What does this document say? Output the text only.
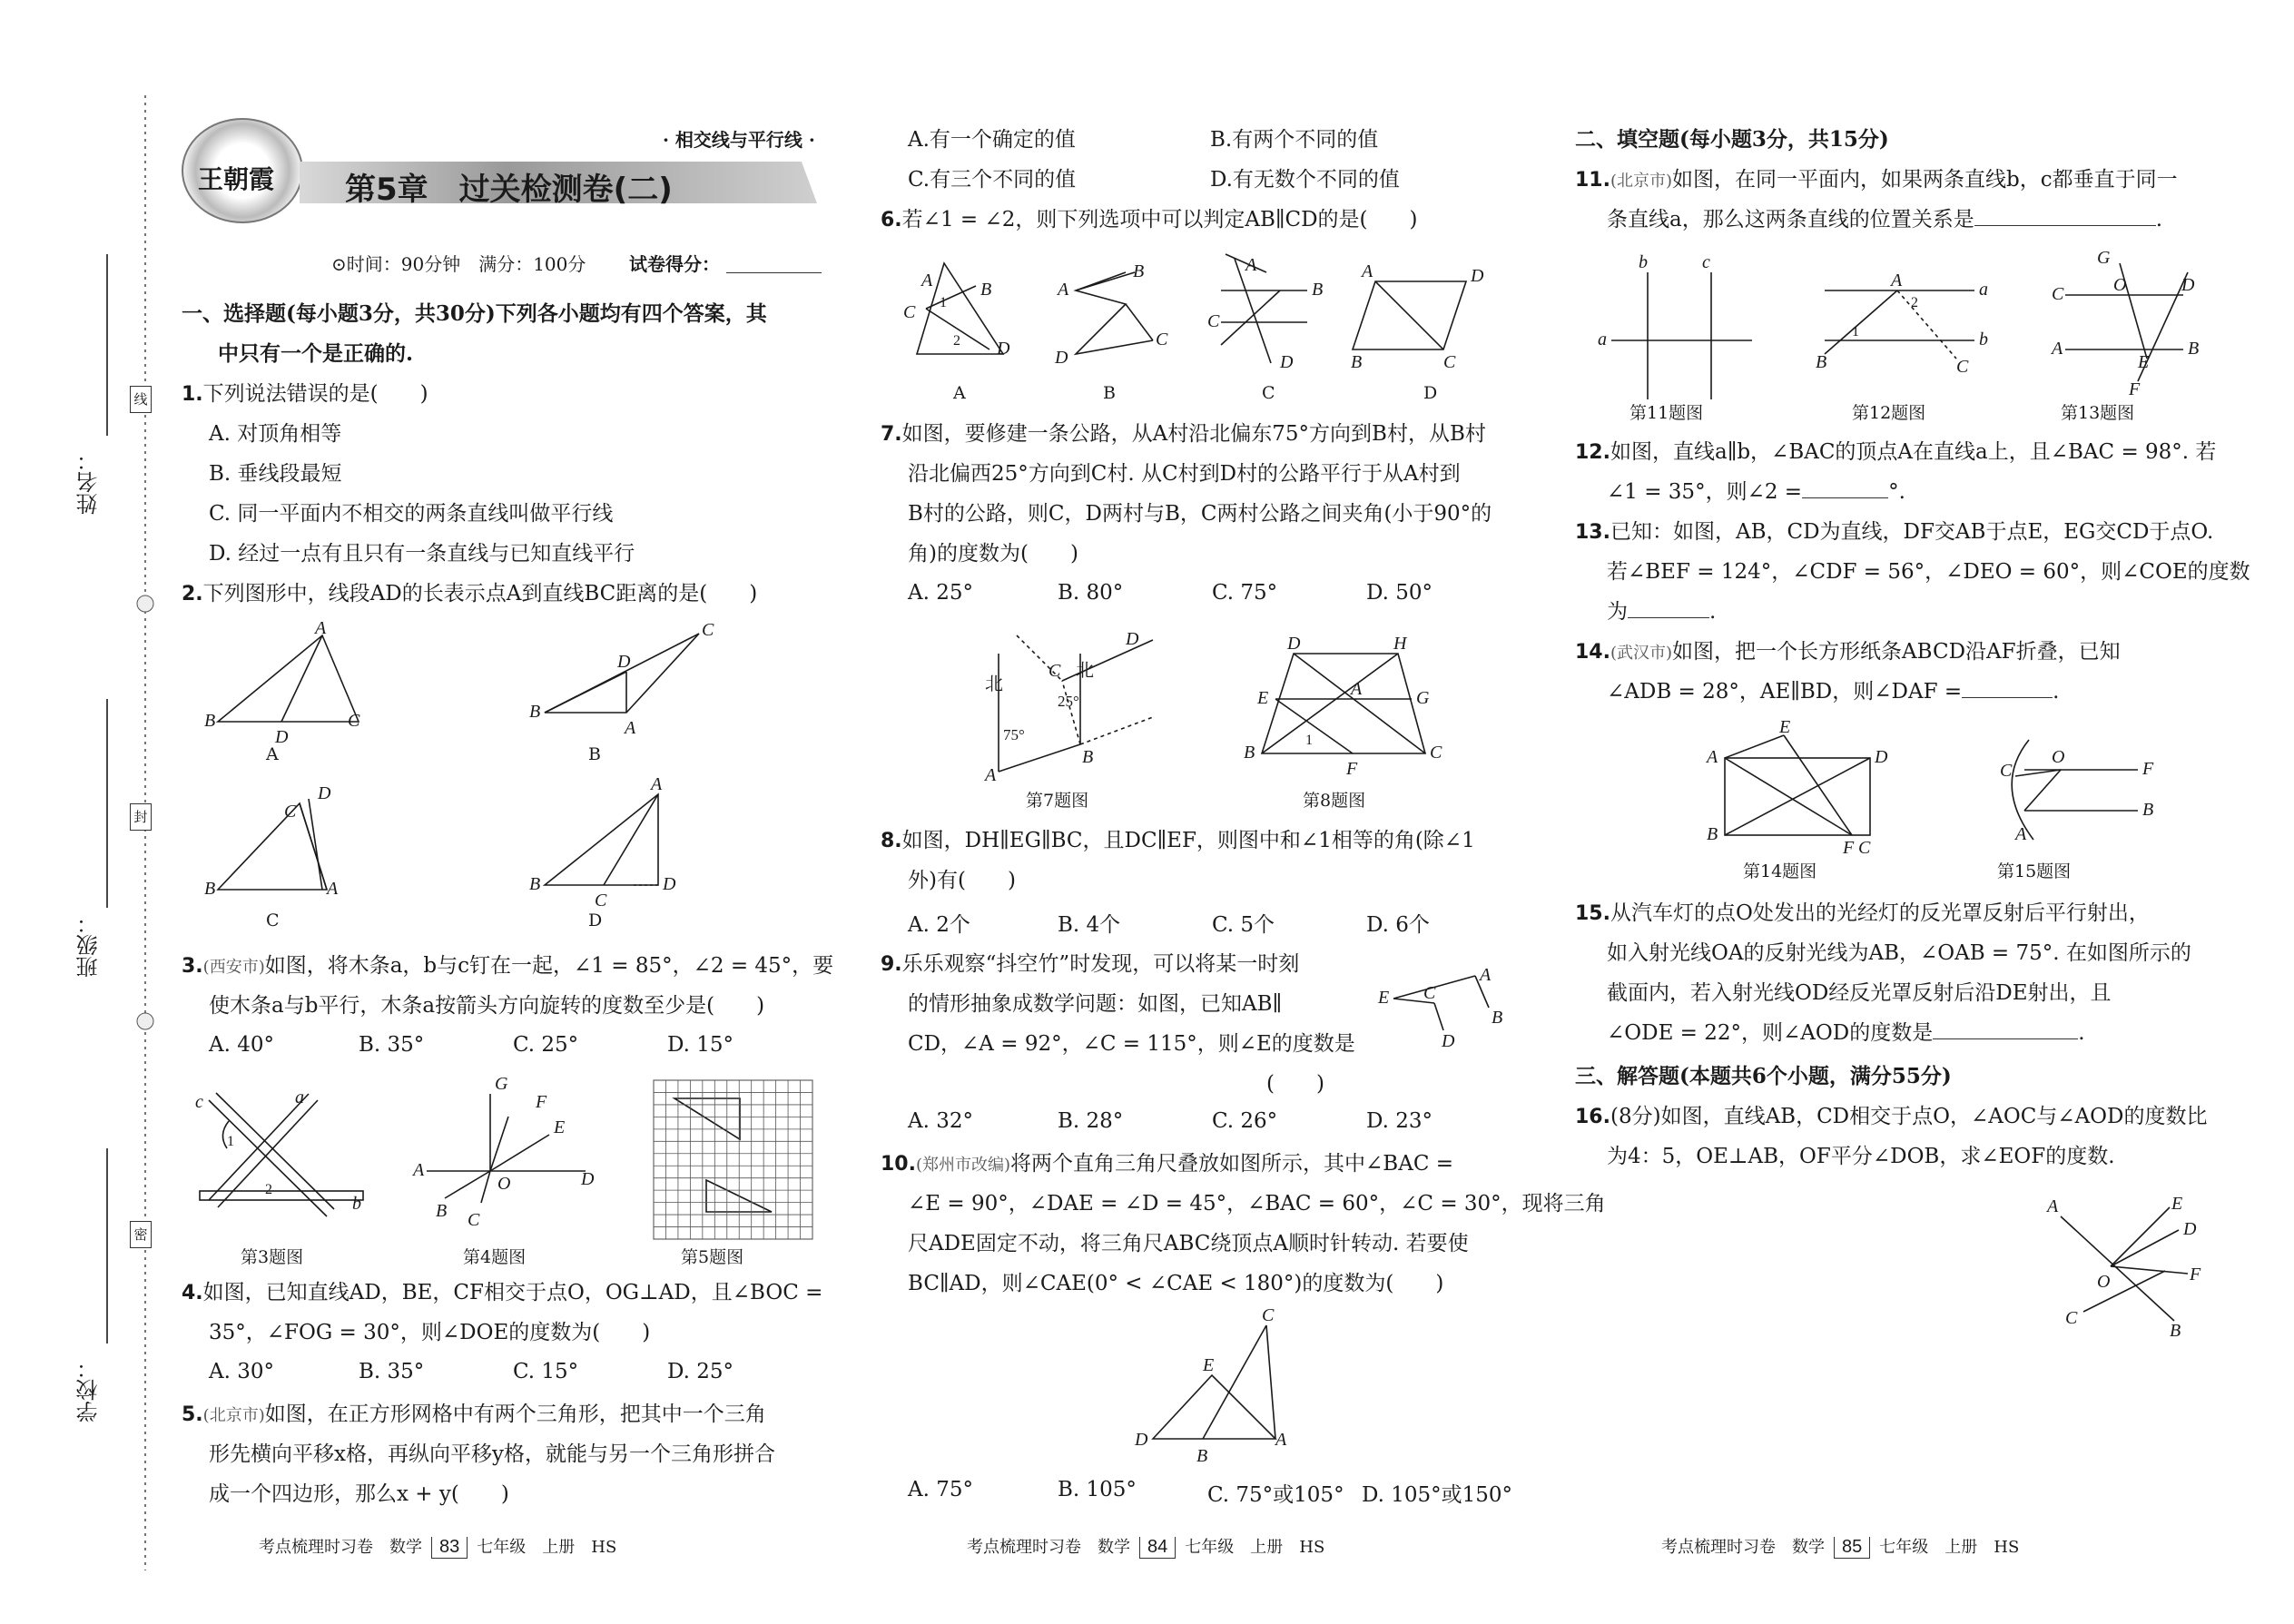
姓名：
班级：
学校：
线
封
密
王朝霞 第5章　过关检测卷(二)
· 相交线与平行线 ·
⊙时间：90分钟　满分：100分 试卷得分：
一、选择题(每小题3分，共30分)下列各小题均有四个答案，其
中只有一个是正确的.
1.下列说法错误的是(　　)
A. 对顶角相等
B. 垂线段最短
C. 同一平面内不相交的两条直线叫做平行线
D. 经过一点有且只有一条直线与已知直线平行
2.下列图形中，线段AD的长表示点A到直线BC距离的是(　　)
B
A
D
C	B
C
D
A
B
C
D
A	B
A
C
D
A	B
C	D
3.(西安市)如图，将木条a，b与c钉在一起，∠1 = 85°，∠2 = 45°，要
使木条a与b平行，木条a按箭头方向旋转的度数至少是(　　)
A. 40°	B. 35°	C. 25°	D. 15°
c	a
b
1
2
A
G
F
E
O	D
B C
第3题图	第4题图	第5题图
4.如图，已知直线AD，BE，CF相交于点O，OG⊥AD，且∠BOC =
35°，∠FOG = 30°，则∠DOE的度数为(　　)
A. 30°	B. 35°	C. 15°	D. 25°
5.(北京市)如图，在正方形网格中有两个三角形，把其中一个三角
形先横向平移x格，再纵向平移y格，就能与另一个三角形拼合
成一个四边形，那么x + y(　　)
考点梳理时习卷　数学 83 七年级　上册　HS
A.有一个确定的值	B.有两个不同的值
C.有三个不同的值	D.有无数个不同的值
6.若∠1 = ∠2，则下列选项中可以判定AB∥CD的是(　　)
A	B
C
D
1
2
A
B
C
D
A
B
C
D
A	D
B	C
A	B	C	D
7.如图，要修建一条公路，从A村沿北偏东75°方向到B村，从B村
沿北偏西25°方向到C村. 从C村到D村的公路平行于从A村到
B村的公路，则C，D两村与B，C两村公路之间夹角(小于90°的
角)的度数为(　　)
A. 25°	B. 80°	C. 75°	D. 50°
北
北
75°
25°
A
B
C
D	D	H
E	G
B	C
F
A
1
第7题图	第8题图
8.如图，DH∥EG∥BC，且DC∥EF，则图中和∠1相等的角(除∠1
外)有(　　)
A. 2个	B. 4个	C. 5个	D. 6个
9.乐乐观察“抖空竹”时发现，可以将某一时刻
的情形抽象成数学问题：如图，已知AB∥
CD，∠A = 92°，∠C = 115°，则∠E的度数是
(　　)
E
A
B
C
D
A. 32°	B. 28°	C. 26°	D. 23°
10.(郑州市改编)将两个直角三角尺叠放如图所示，其中∠BAC =
∠E = 90°，∠DAE = ∠D = 45°，∠BAC = 60°，∠C = 30°，现将三角
尺ADE固定不动，将三角尺ABC绕顶点A顺时针转动. 若要使
BC∥AD，则∠CAE(0° < ∠CAE < 180°)的度数为(　　)
D	A
E
C
B
A. 75°	B. 105°	C. 75°或105° D. 105°或150°
考点梳理时习卷　数学 84 七年级　上册　HS
二、填空题(每小题3分，共15分)
11.(北京市)如图，在同一平面内，如果两条直线b，c都垂直于同一
条直线a，那么这两条直线的位置关系是	.
a
b	c
A	a
b
B	C
1
2	C
G
O	D
A
E
B
F
第11题图	第12题图	第13题图
12.如图，直线a∥b，∠BAC的顶点A在直线a上，且∠BAC = 98°. 若
∠1 = 35°，则∠2 =	°.
13.已知：如图，AB，CD为直线，DF交AB于点E，EG交CD于点O.
若∠BEF = 124°，∠CDF = 56°，∠DEO = 60°，则∠COE的度数
为	.
14.(武汉市)如图，把一个长方形纸条ABCD沿AF折叠，已知
∠ADB = 28°，AE∥BD，则∠DAF =	.
A	D
B
E
F C
C
O
F
B
A
第14题图	第15题图
15.从汽车灯的点O处发出的光经灯的反光罩反射后平行射出，
如入射光线OA的反射光线为AB，∠OAB = 75°. 在如图所示的
截面内，若入射光线OD经反光罩反射后沿DE射出，且
∠ODE = 22°，则∠AOD的度数是	.
三、解答题(本题共6个小题，满分55分)
16.(8分)如图，直线AB，CD相交于点O，∠AOC与∠AOD的度数比
为4：5，OE⊥AB，OF平分∠DOB，求∠EOF的度数.
A	E
D
F
O
C
B
考点梳理时习卷　数学 85 七年级　上册　HS
